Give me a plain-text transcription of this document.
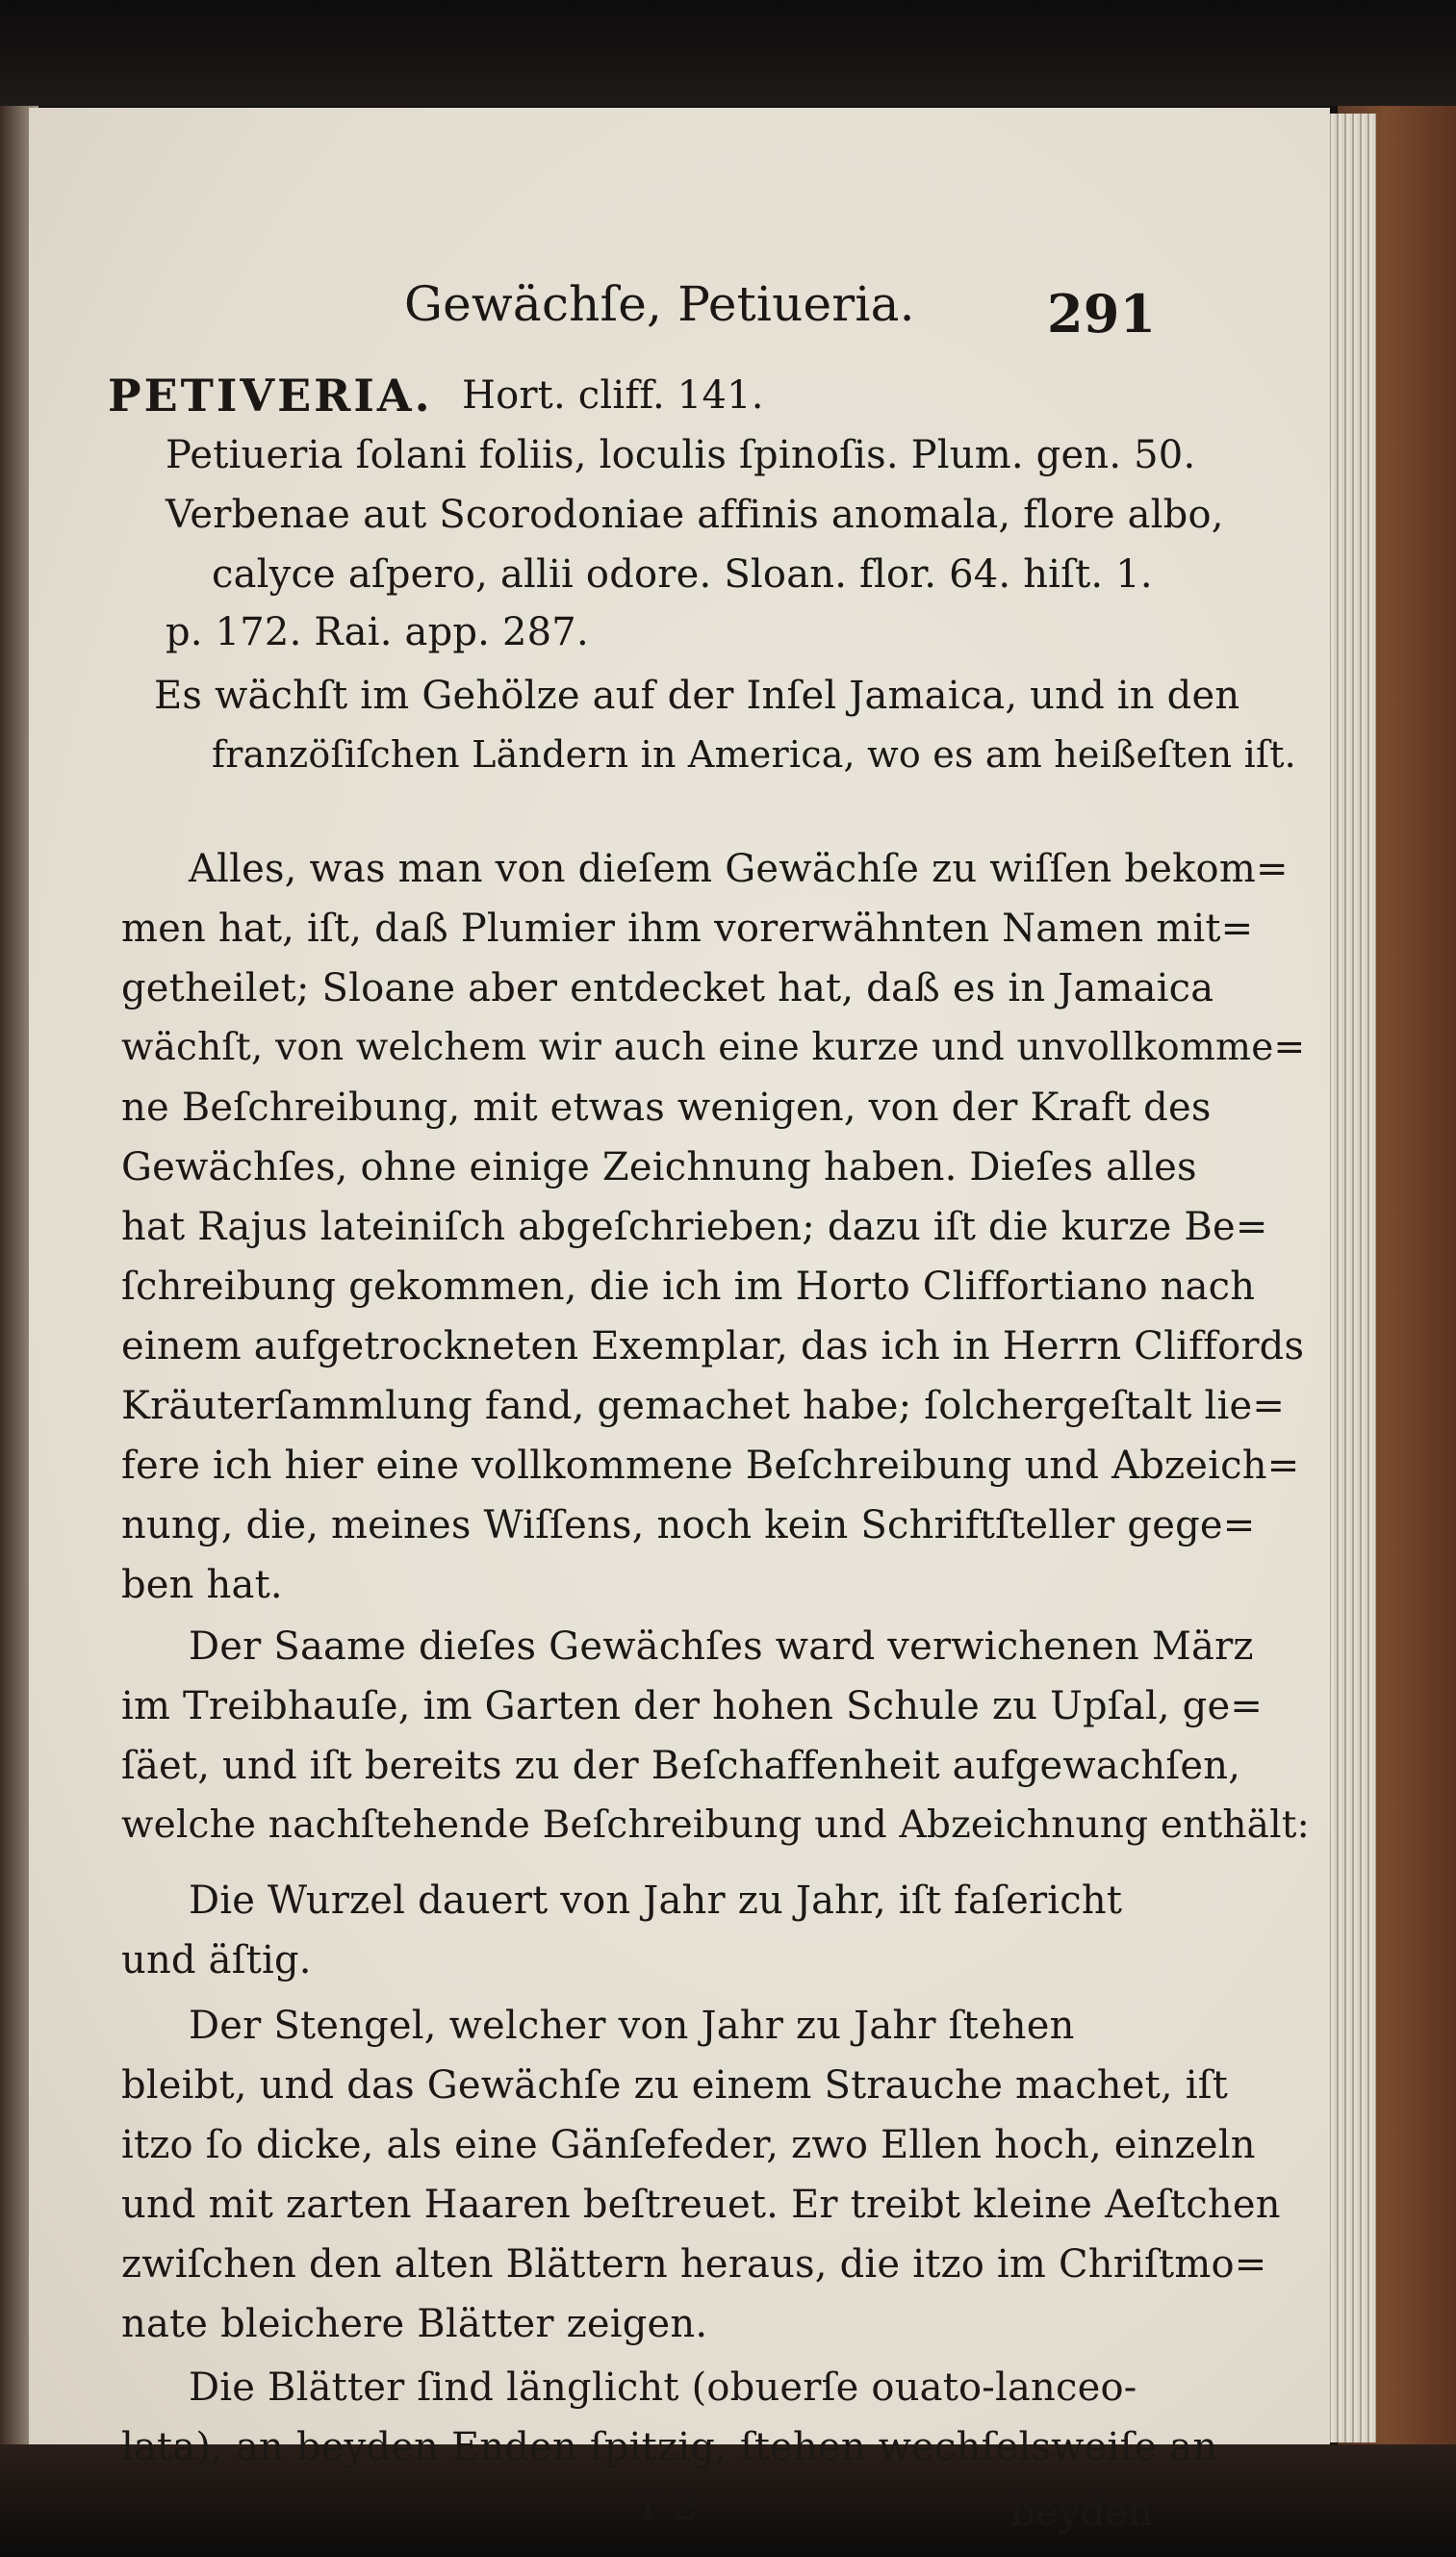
Gewächſe, Petiueria.	291

PETIVERIA. Hort. cliff. 141.

Petiueria ſolani foliis, loculis ſpinoſis. Plum. gen. 50.

Verbenae aut Scorodoniae affinis anomala, flore albo,

calyce aſpero, allii odore. Sloan. flor. 64. hiſt. 1.

p. 172. Rai. app. 287.

Es wächſt im Gehölze auf der Inſel Jamaica, und in den

franzöſiſchen Ländern in America, wo es am heißeſten iſt.

Alles, was man von dieſem Gewächſe zu wiſſen bekom=

men hat, iſt, daß Plumier ihm vorerwähnten Namen mit=

getheilet; Sloane aber entdecket hat, daß es in Jamaica

wächſt, von welchem wir auch eine kurze und unvollkomme=

ne Beſchreibung, mit etwas wenigen, von der Kraft des

Gewächſes, ohne einige Zeichnung haben. Dieſes alles

hat Rajus lateiniſch abgeſchrieben; dazu iſt die kurze Be=

ſchreibung gekommen, die ich im Horto Cliffortiano nach

einem aufgetrockneten Exemplar, das ich in Herrn Cliffords

Kräuterſammlung fand, gemachet habe; ſolchergeſtalt lie=

fere ich hier eine vollkommene Beſchreibung und Abzeich=

nung, die, meines Wiſſens, noch kein Schriftſteller gege=

ben hat.

Der Saame dieſes Gewächſes ward verwichenen März

im Treibhauſe, im Garten der hohen Schule zu Upſal, ge=

ſäet, und iſt bereits zu der Beſchaffenheit aufgewachſen,

welche nachſtehende Beſchreibung und Abzeichnung enthält:

Die Wurzel dauert von Jahr zu Jahr, iſt faſericht

und äſtig.

Der Stengel, welcher von Jahr zu Jahr ſtehen

bleibt, und das Gewächſe zu einem Strauche machet, iſt

itzo ſo dicke, als eine Gänſefeder, zwo Ellen hoch, einzeln

und mit zarten Haaren beſtreuet. Er treibt kleine Aeſtchen

zwiſchen den alten Blättern heraus, die itzo im Chriſtmo=

nate bleichere Blätter zeigen.

Die Blätter ſind länglicht (obuerſe ouato-lanceo-

lata), an beyden Enden ſpitzig, ſtehen wechſelsweiſe an

T 2	beyden
